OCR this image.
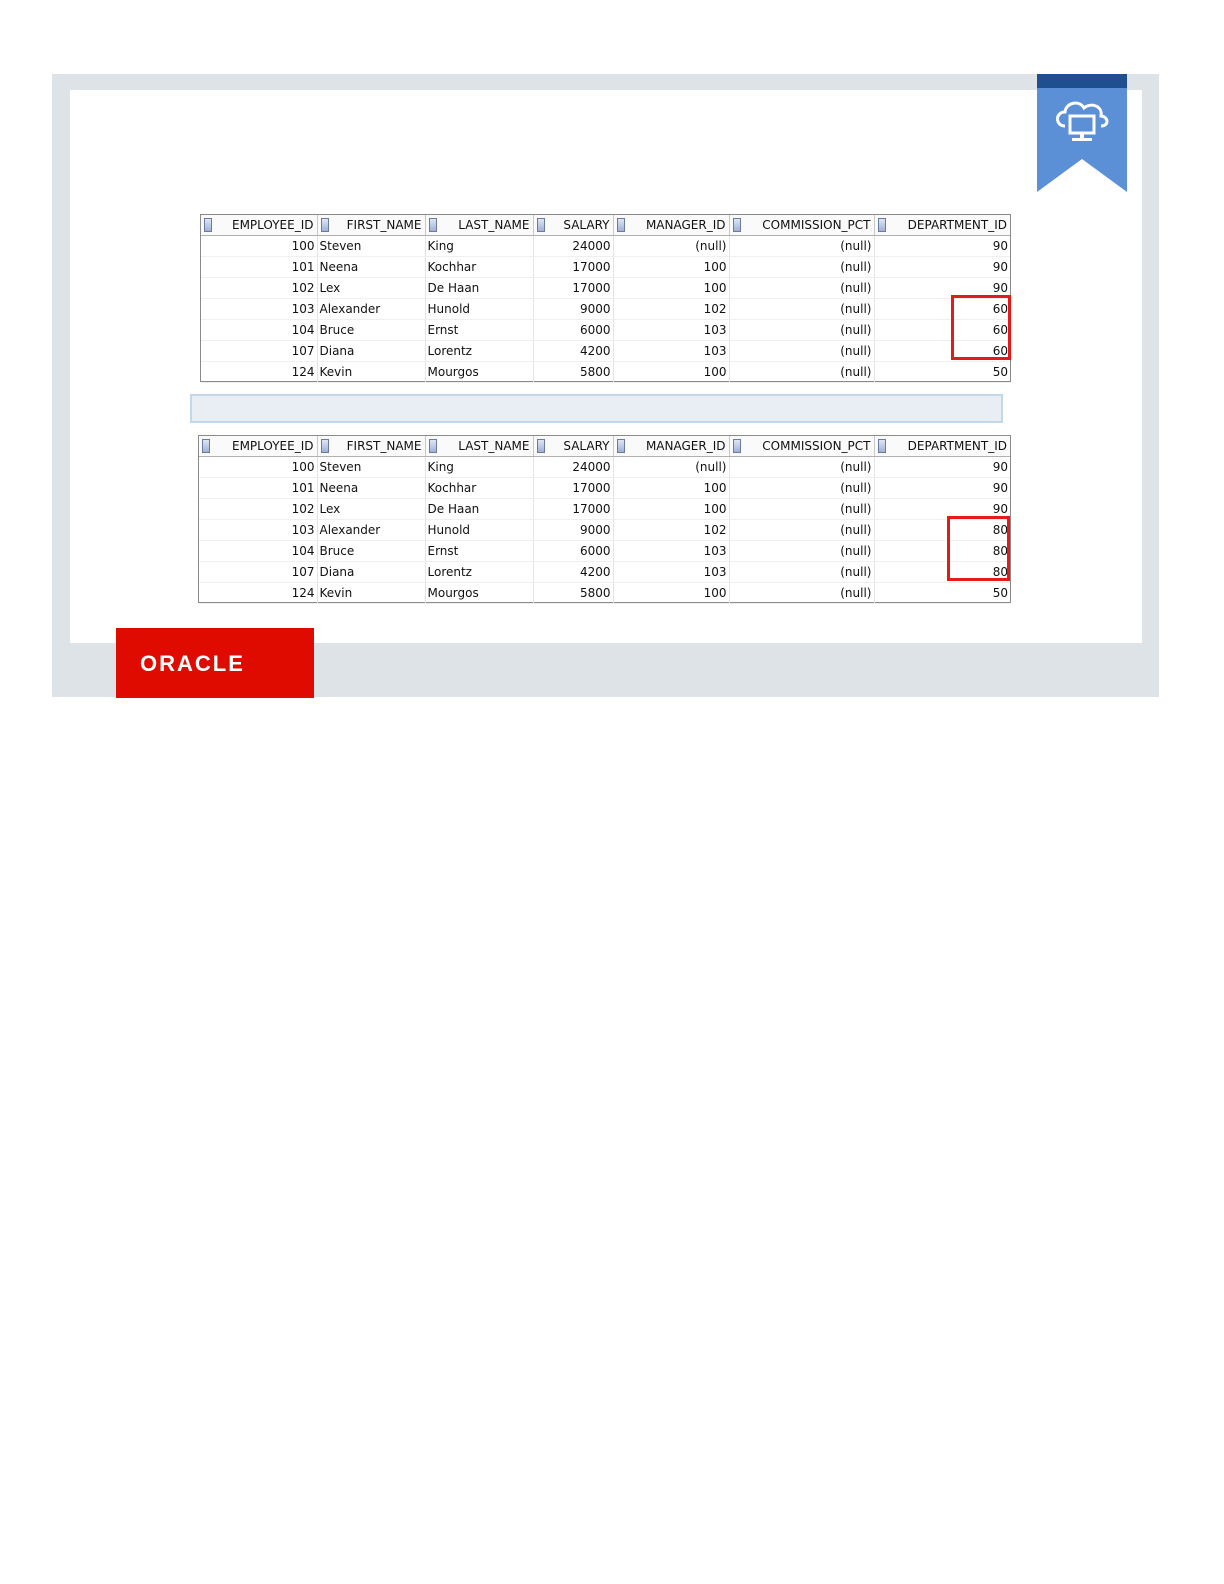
EMPLOYEE_ID	FIRST_NAME	LAST_NAME	SALARY	MANAGER_ID	COMMISSION_PCT	DEPARTMENT_ID
100	Steven	King	24000	(null)	(null)	90
101	Neena	Kochhar	17000	100	(null)	90
102	Lex	De Haan	17000	100	(null)	90
103	Alexander	Hunold	9000	102	(null)	60
104	Bruce	Ernst	6000	103	(null)	60
107	Diana	Lorentz	4200	103	(null)	60
124	Kevin	Mourgos	5800	100	(null)	50
EMPLOYEE_ID	FIRST_NAME	LAST_NAME	SALARY	MANAGER_ID	COMMISSION_PCT	DEPARTMENT_ID
100	Steven	King	24000	(null)	(null)	90
101	Neena	Kochhar	17000	100	(null)	90
102	Lex	De Haan	17000	100	(null)	90
103	Alexander	Hunold	9000	102	(null)	80
104	Bruce	Ernst	6000	103	(null)	80
107	Diana	Lorentz	4200	103	(null)	80
124	Kevin	Mourgos	5800	100	(null)	50
ORACLE
